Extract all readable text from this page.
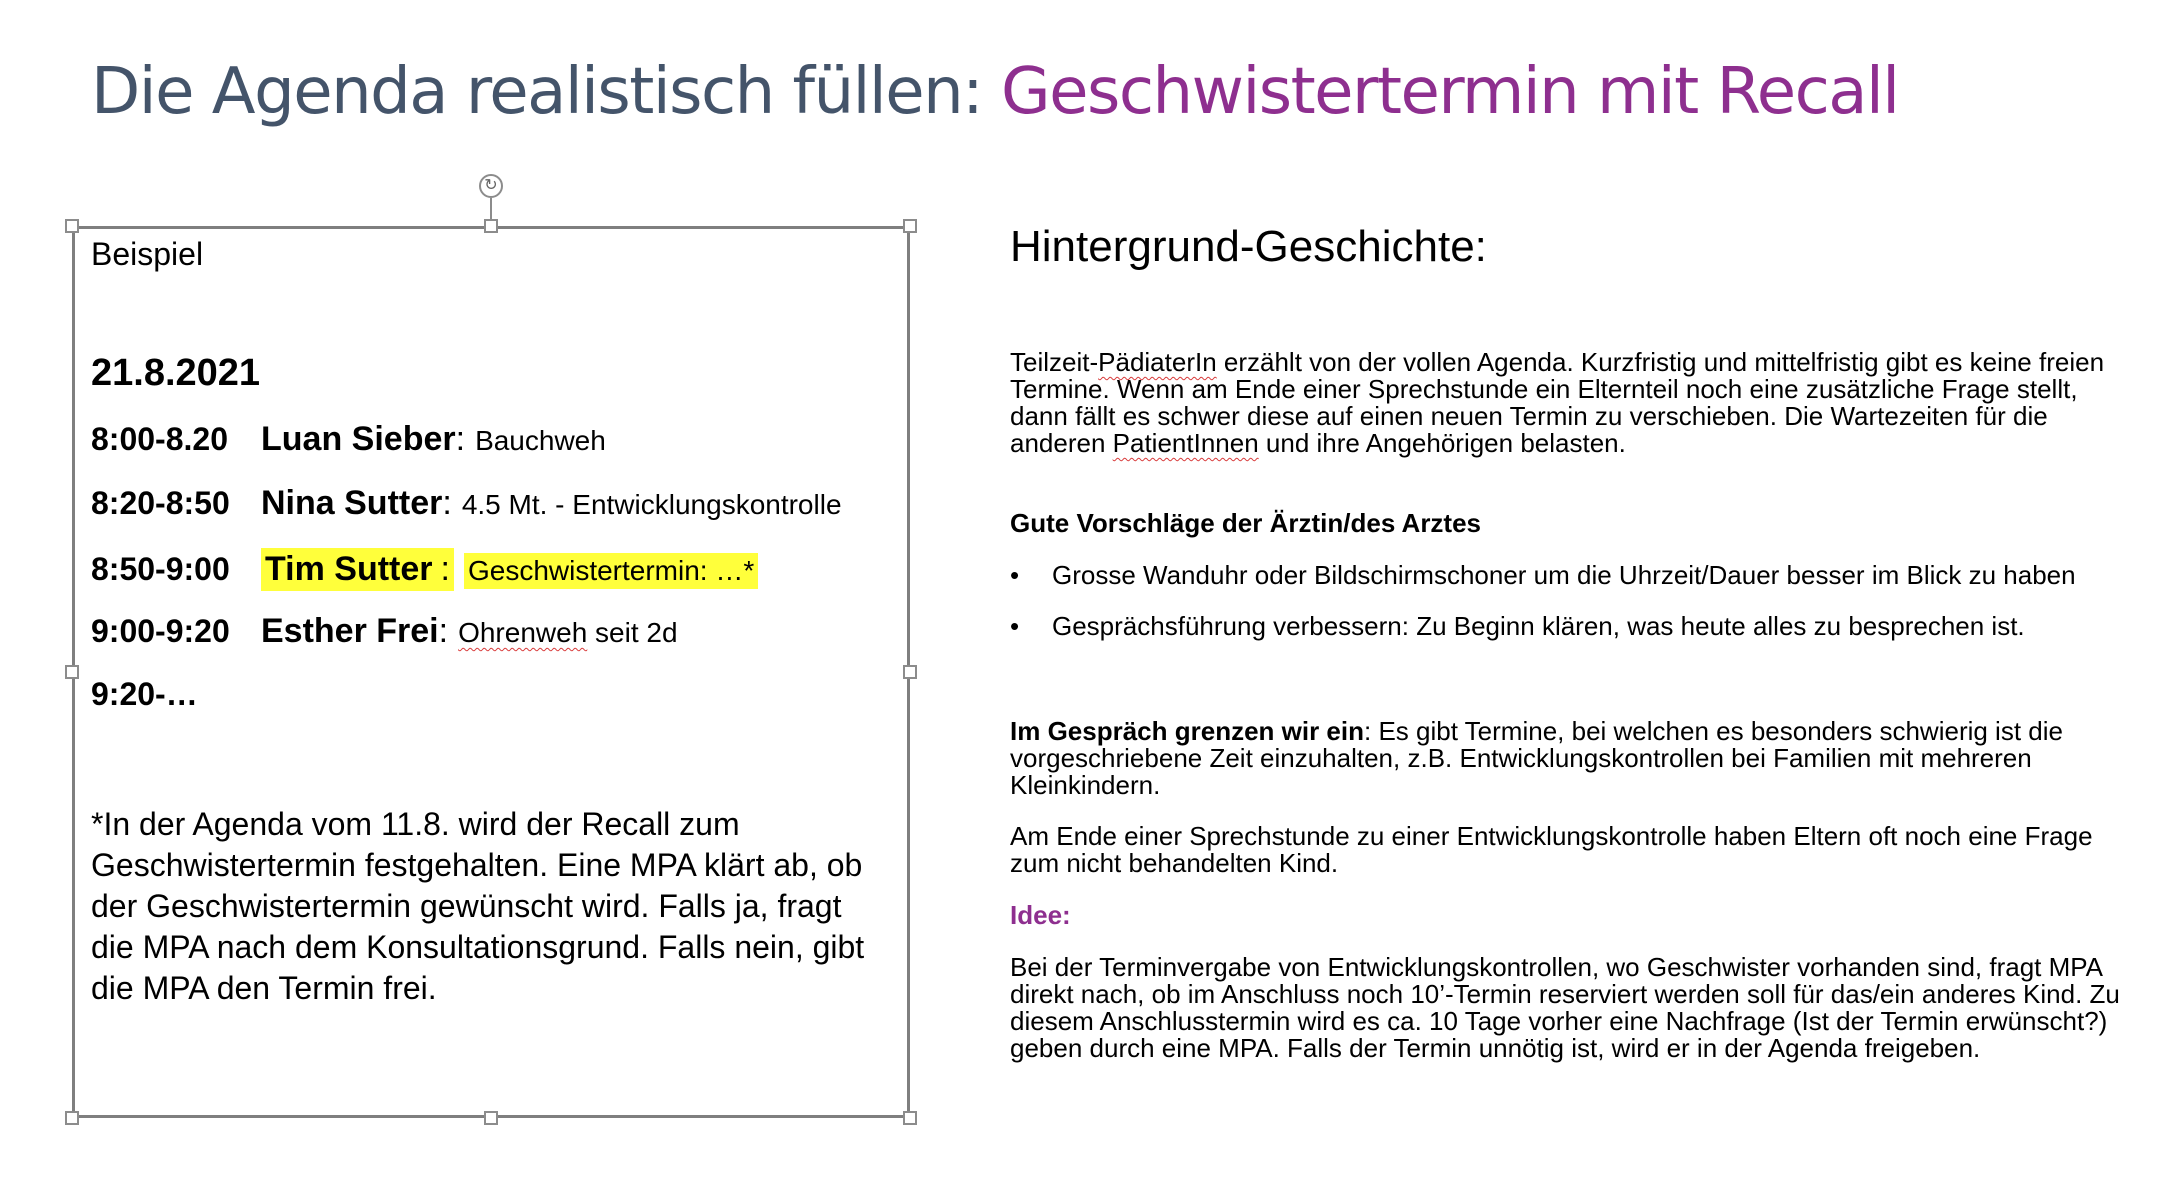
Die Agenda realistisch füllen: Geschwistertermin mit Recall
↻
Beispiel
21.8.2021
8:00-8.20 Luan Sieber : Bauchweh
8:20-8:50 Nina Sutter : 4.5 Mt. - Entwicklungskontrolle
8:50-9:00	Tim Sutter : Geschwistertermin: …*
9:00-9:20 Esther Frei : Ohrenweh seit 2d
9:20-…
*In der Agenda vom 11.8. wird der Recall zum Geschwistertermin festgehalten. Eine MPA klärt ab, ob der Geschwistertermin gewünscht wird. Falls ja, fragt die MPA nach dem Konsultationsgrund. Falls nein, gibt die MPA den Termin frei.
Hintergrund-Geschichte:
Teilzeit-PädiaterIn erzählt von der vollen Agenda. Kurzfristig und mittelfristig gibt es keine freien Termine. Wenn am Ende einer Sprechstunde ein Elternteil noch eine zusätzliche Frage stellt, dann fällt es schwer diese auf einen neuen Termin zu verschieben. Die Wartezeiten für die anderen PatientInnen und ihre Angehörigen belasten.
Gute Vorschläge der Ärztin/des Arztes
• Grosse Wanduhr oder Bildschirmschoner um die Uhrzeit/Dauer besser im Blick zu haben
• Gesprächsführung verbessern: Zu Beginn klären, was heute alles zu besprechen ist.
Im Gespräch grenzen wir ein: Es gibt Termine, bei welchen es besonders schwierig ist die vorgeschriebene Zeit einzuhalten, z.B. Entwicklungskontrollen bei Familien mit mehreren Kleinkindern.
Am Ende einer Sprechstunde zu einer Entwicklungskontrolle haben Eltern oft noch eine Frage zum nicht behandelten Kind.
Idee:
Bei der Terminvergabe von Entwicklungskontrollen, wo Geschwister vorhanden sind, fragt MPA direkt nach, ob im Anschluss noch 10’-Termin reserviert werden soll für das/ein anderes Kind. Zu diesem Anschlusstermin wird es ca. 10 Tage vorher eine Nachfrage (Ist der Termin erwünscht?) geben durch eine MPA. Falls der Termin unnötig ist, wird er in der Agenda freigeben.
